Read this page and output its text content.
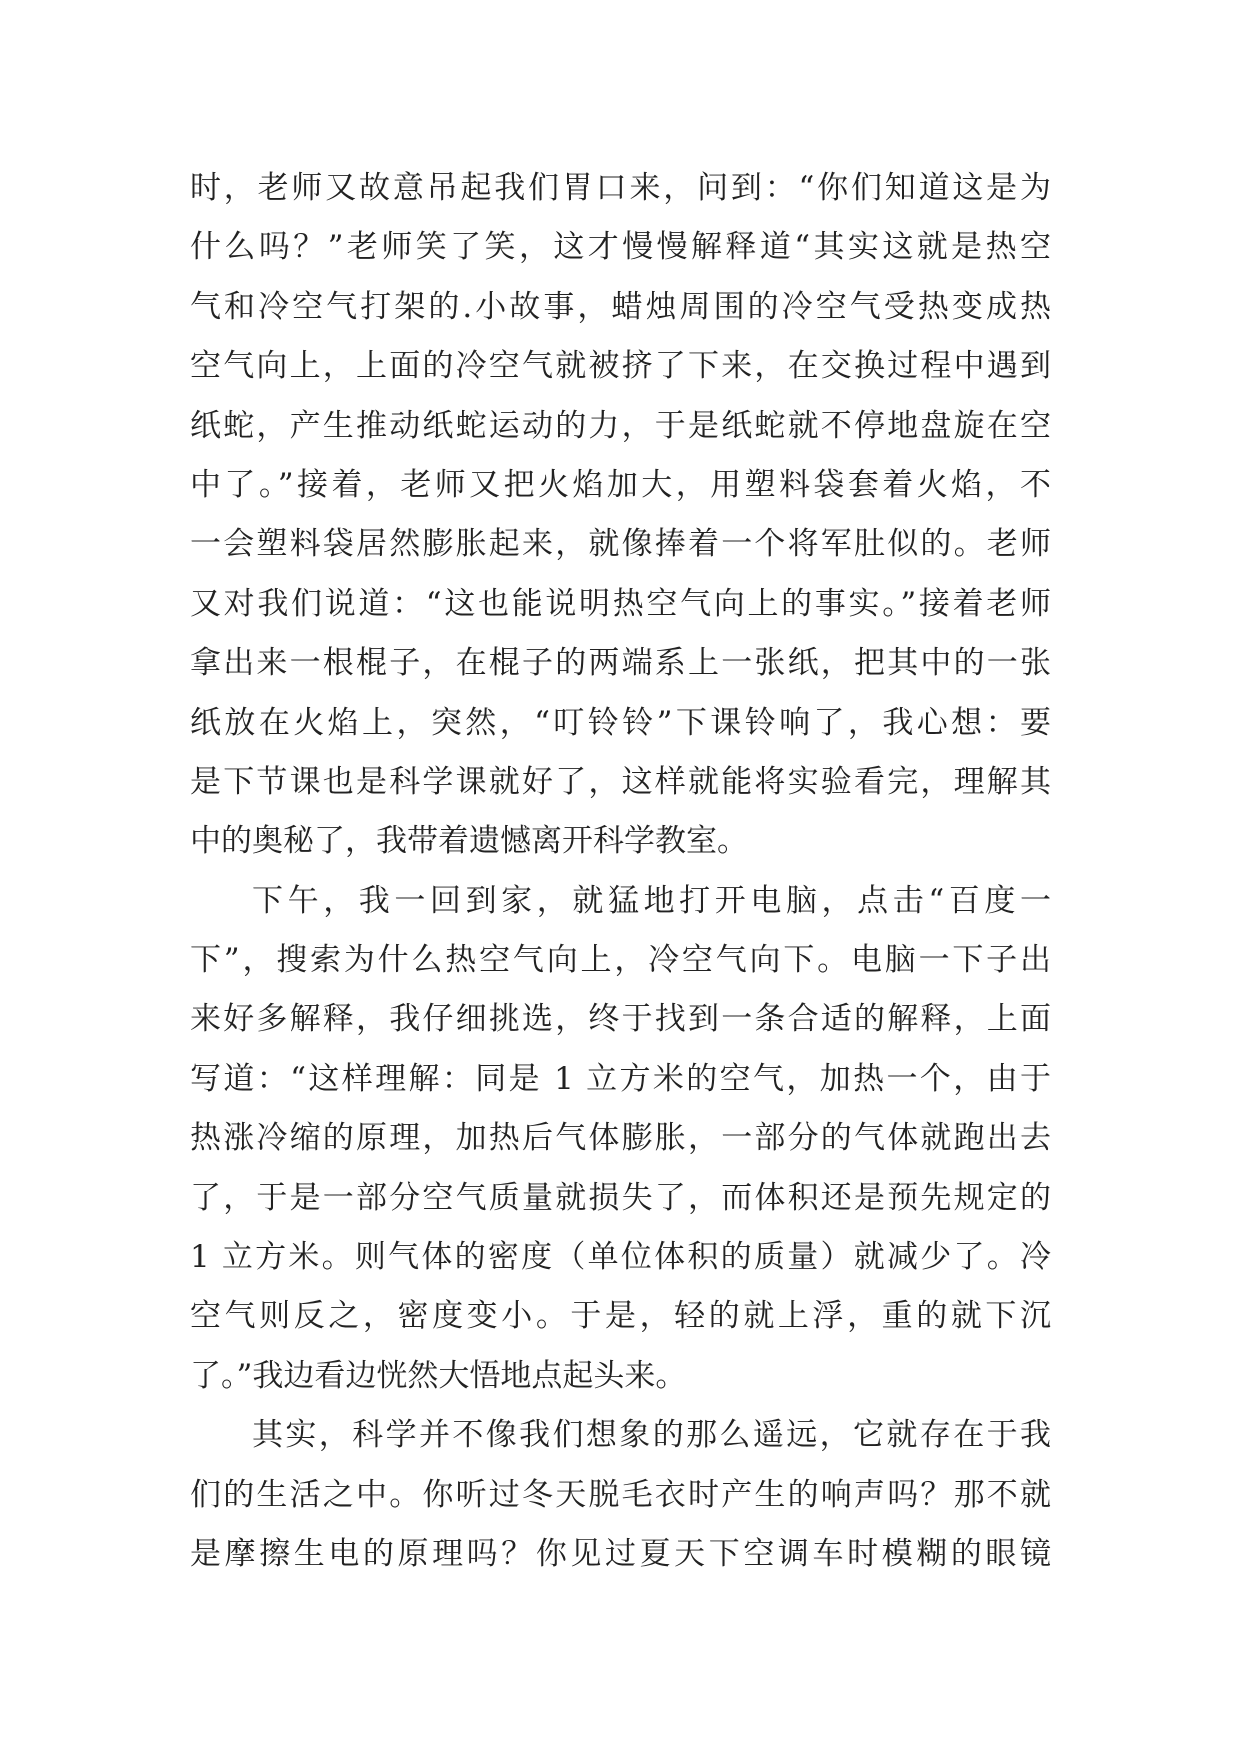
时，老师又故意吊起我们胃口来，问到：“你们知道这是为
什么吗？”老师笑了笑，这才慢慢解释道“其实这就是热空
气和冷空气打架的.小故事，蜡烛周围的冷空气受热变成热
空气向上，上面的冷空气就被挤了下来，在交换过程中遇到
纸蛇，产生推动纸蛇运动的力，于是纸蛇就不停地盘旋在空
中了。”接着，老师又把火焰加大，用塑料袋套着火焰，不
一会塑料袋居然膨胀起来，就像捧着一个将军肚似的。老师
又对我们说道：“这也能说明热空气向上的事实。”接着老师
拿出来一根棍子，在棍子的两端系上一张纸，把其中的一张
纸放在火焰上，突然，“叮铃铃”下课铃响了，我心想：要
是下节课也是科学课就好了，这样就能将实验看完，理解其
中的奥秘了，我带着遗憾离开科学教室。
下午，我一回到家，就猛地打开电脑，点击“百度一
下”，搜索为什么热空气向上，冷空气向下。电脑一下子出
来好多解释，我仔细挑选，终于找到一条合适的解释，上面
写道：“这样理解：同是 1 立方米的空气，加热一个，由于
热涨冷缩的原理，加热后气体膨胀，一部分的气体就跑出去
了，于是一部分空气质量就损失了，而体积还是预先规定的
1 立方米。则气体的密度（单位体积的质量）就减少了。冷
空气则反之，密度变小。于是，轻的就上浮，重的就下沉
了。”我边看边恍然大悟地点起头来。
其实，科学并不像我们想象的那么遥远，它就存在于我
们的生活之中。你听过冬天脱毛衣时产生的响声吗？那不就
是摩擦生电的原理吗？你见过夏天下空调车时模糊的眼镜
